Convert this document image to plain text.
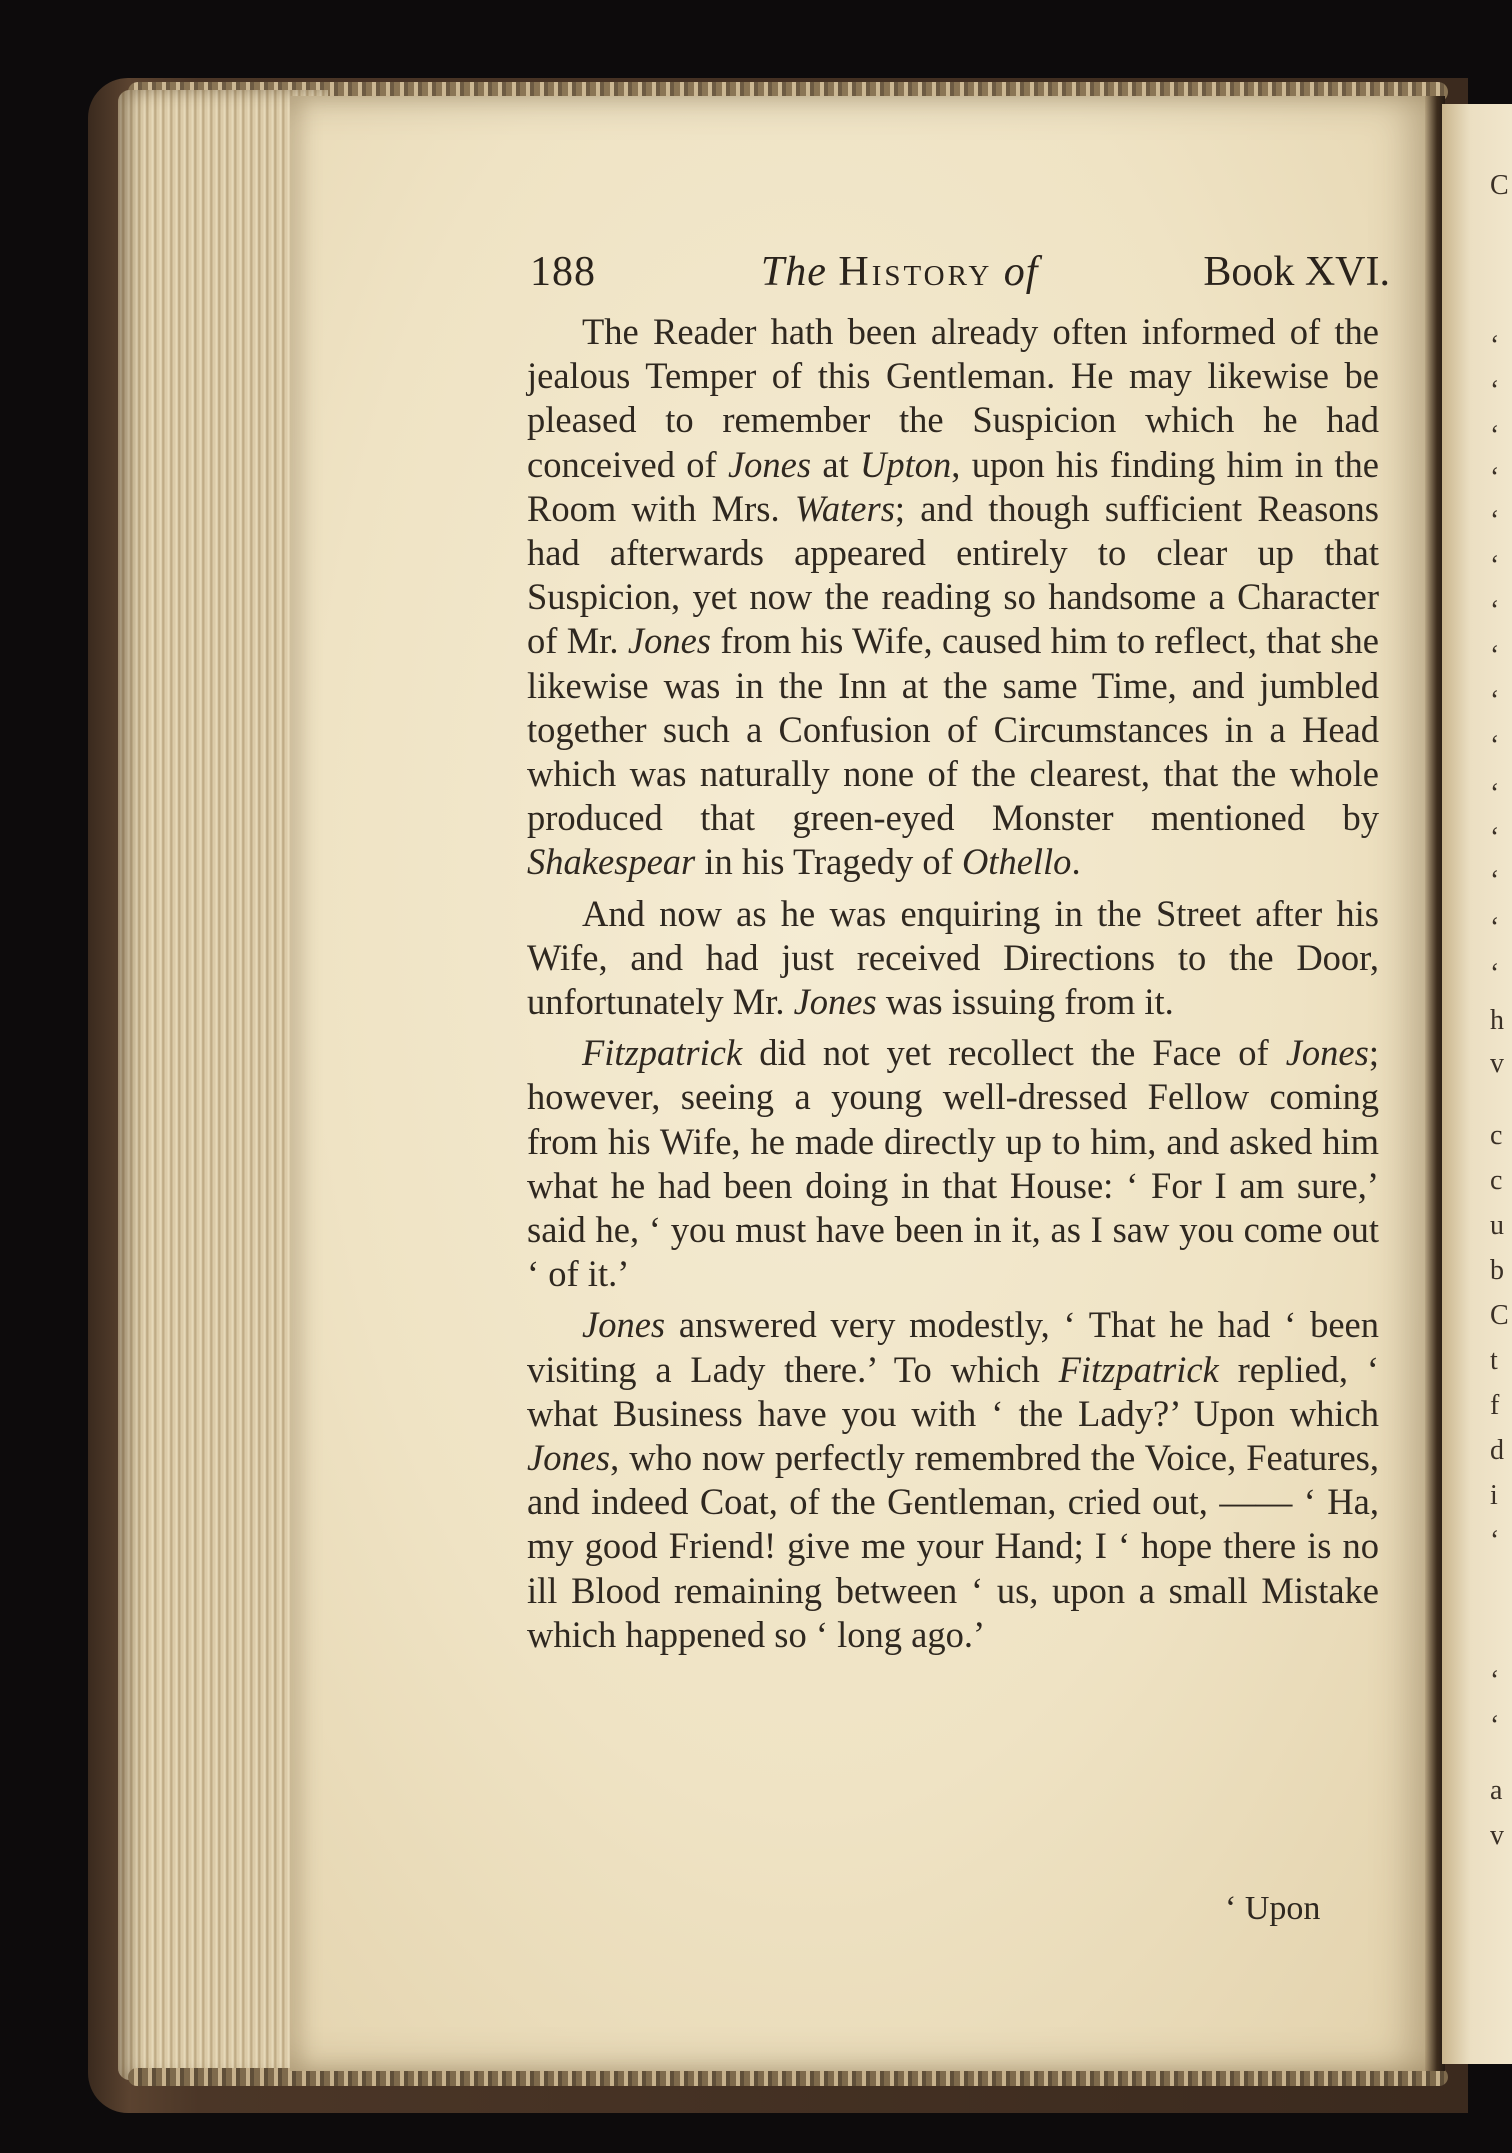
C
‘
‘
‘
‘
‘
‘
‘
‘
‘
‘
‘
‘
‘
‘
‘
h
v
c
c
u
b
C
t
f
d
i
‘
‘
‘
a
v
188	The History of	Book XVI.

The Reader hath been already often informed of the jealous Temper of this Gentleman. He may likewise be pleased to remember the Suspicion which he had conceived of Jones at Upton, upon his finding him in the Room with Mrs. Waters; and though sufficient Reasons had afterwards appeared entirely to clear up that Suspicion, yet now the reading so handsome a Character of Mr. Jones from his Wife, caused him to reflect, that she likewise was in the Inn at the same Time, and jumbled together such a Confusion of Circumstances in a Head which was naturally none of the clearest, that the whole produced that green-eyed Monster mentioned by Shakespear in his Tragedy of Othello.

And now as he was enquiring in the Street after his Wife, and had just received Directions to the Door, unfortunately Mr. Jones was issuing from it.

Fitzpatrick did not yet recollect the Face of Jones; however, seeing a young well-dressed Fellow coming from his Wife, he made directly up to him, and asked him what he had been doing in that House: ‘ For I am sure,’ said he, ‘ you must have been in it, as I saw you come out ‘ of it.’

Jones answered very modestly, ‘ That he had ‘ been visiting a Lady there.’ To which Fitzpatrick replied, ‘ what Business have you with ‘ the Lady?’ Upon which Jones, who now perfectly remembred the Voice, Features, and indeed Coat, of the Gentleman, cried out, —— ‘ Ha, my good Friend! give me your Hand; I ‘ hope there is no ill Blood remaining between ‘ us, upon a small Mistake which happened so ‘ long ago.’

‘ Upon
